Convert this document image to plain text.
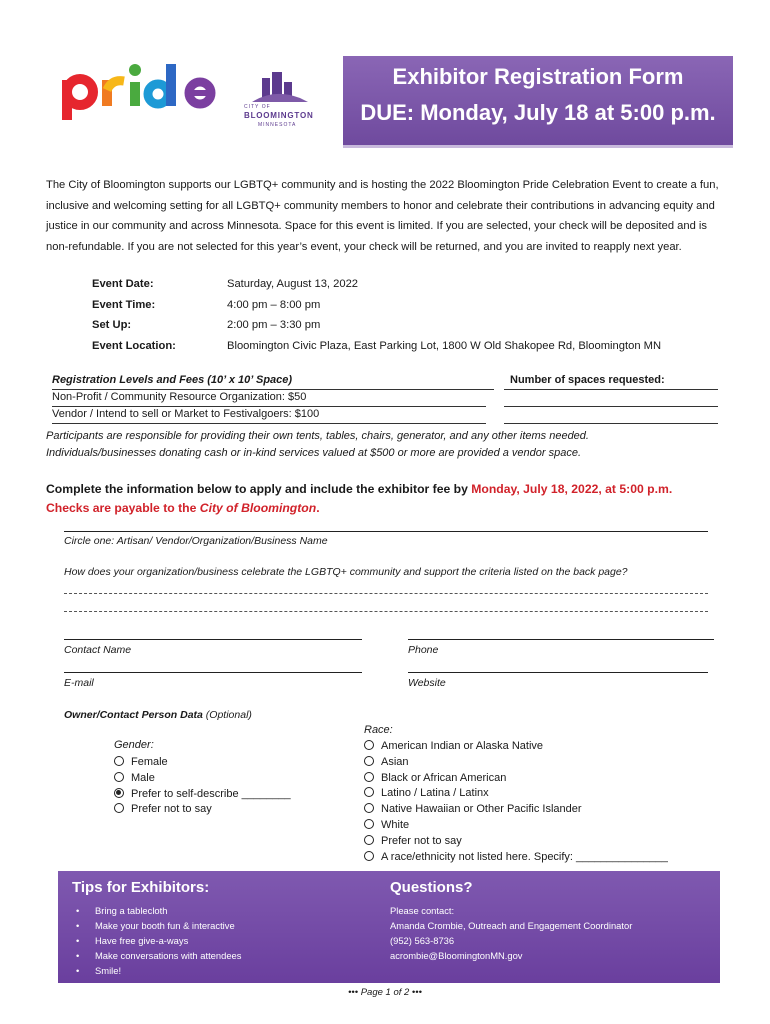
CITY OF
BLOOMINGTON
MINNESOTA
Exhibitor Registration Form
DUE: Monday, July 18 at 5:00 p.m.
The City of Bloomington supports our LGBTQ+ community and is hosting the 2022 Bloomington Pride Celebration Event to create a fun, inclusive and welcoming setting for all LGBTQ+ community members to honor and celebrate their contributions in advancing equity and justice in our community and across Minnesota. Space for this event is limited. If you are selected, your check will be deposited and is non-refundable. If you are not selected for this year’s event, your check will be returned, and you are invited to reapply next year.
Event Date:	Saturday, August 13, 2022
Event Time:	4:00 pm – 8:00 pm
Set Up:	2:00 pm – 3:30 pm
Event Location:	Bloomington Civic Plaza, East Parking Lot, 1800 W Old Shakopee Rd, Bloomington MN
Registration Levels and Fees (10’ x 10’ Space)	Number of spaces requested:
Non-Profit / Community Resource Organization: $50
Vendor / Intend to sell or Market to Festivalgoers: $100
Participants are responsible for providing their own tents, tables, chairs, generator, and any other items needed.
Individuals/businesses donating cash or in-kind services valued at $500 or more are provided a vendor space.
Complete the information below to apply and include the exhibitor fee by Monday, July 18, 2022, at 5:00 p.m.
Checks are payable to the City of Bloomington.
Circle one: Artisan/ Vendor/Organization/Business Name
How does your organization/business celebrate the LGBTQ+ community and support the criteria listed on the back page?
Contact Name	Phone
E-mail	Website
Owner/Contact Person Data (Optional)
Gender:
Female
Male
Prefer to self-describe ________
Prefer not to say
Race:
American Indian or Alaska Native
Asian
Black or African American
Latino / Latina / Latinx
Native Hawaiian or Other Pacific Islander
White
Prefer not to say
A race/ethnicity not listed here. Specify: _______________
Tips for Exhibitors:
• Bring a tablecloth
• Make your booth fun & interactive
• Have free give-a-ways
• Make conversations with attendees
• Smile!
Questions?
Please contact:
Amanda Crombie, Outreach and Engagement Coordinator
(952) 563-8736
acrombie@BloomingtonMN.gov
••• Page 1 of 2 •••
